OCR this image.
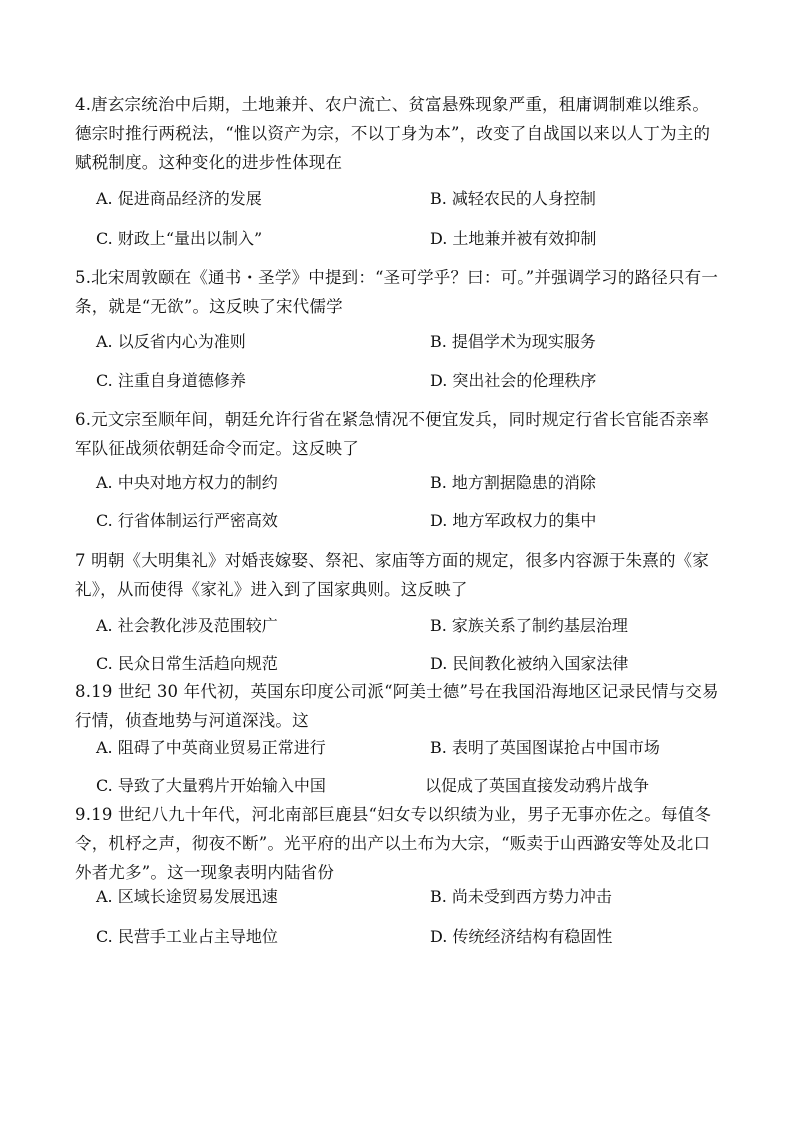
4.唐玄宗统治中后期，土地兼并、农户流亡、贫富悬殊现象严重，租庸调制难以维系。德宗时推行两税法，“惟以资产为宗，不以丁身为本”，改变了自战国以来以人丁为主的赋税制度。这种变化的进步性体现在

A. 促进商品经济的发展	B. 减轻农民的人身控制
C. 财政上“量出以制入”	D. 土地兼并被有效抑制

5.北宋周敦颐在《通书・圣学》中提到：“圣可学乎？曰：可。”并强调学习的路径只有一条，就是“无欲”。这反映了宋代儒学

A. 以反省内心为准则	B. 提倡学术为现实服务
C. 注重自身道德修养	D. 突出社会的伦理秩序

6.元文宗至顺年间，朝廷允许行省在紧急情况不便宜发兵，同时规定行省长官能否亲率军队征战须依朝廷命令而定。这反映了

A. 中央对地方权力的制约	B. 地方割据隐患的消除
C. 行省体制运行严密高效	D. 地方军政权力的集中

7 明朝《大明集礼》对婚丧嫁娶、祭祀、家庙等方面的规定，很多内容源于朱熹的《家礼》，从而使得《家礼》进入到了国家典则。这反映了

A. 社会教化涉及范围较广	B. 家族关系了制约基层治理
C. 民众日常生活趋向规范	D. 民间教化被纳入国家法律

8.19 世纪 30 年代初，英国东印度公司派“阿美士德”号在我国沿海地区记录民情与交易行情，侦查地势与河道深浅。这

A. 阻碍了中英商业贸易正常进行	B. 表明了英国图谋抢占中国市场
C. 导致了大量鸦片开始输入中国	以促成了英国直接发动鸦片战争

9.19 世纪八九十年代，河北南部巨鹿县“妇女专以织绩为业，男子无事亦佐之。每值冬令，机杼之声，彻夜不断”。光平府的出产以土布为大宗，“贩卖于山西潞安等处及北口外者尤多”。这一现象表明内陆省份

A. 区域长途贸易发展迅速	B. 尚未受到西方势力冲击
C. 民营手工业占主导地位	D. 传统经济结构有稳固性
